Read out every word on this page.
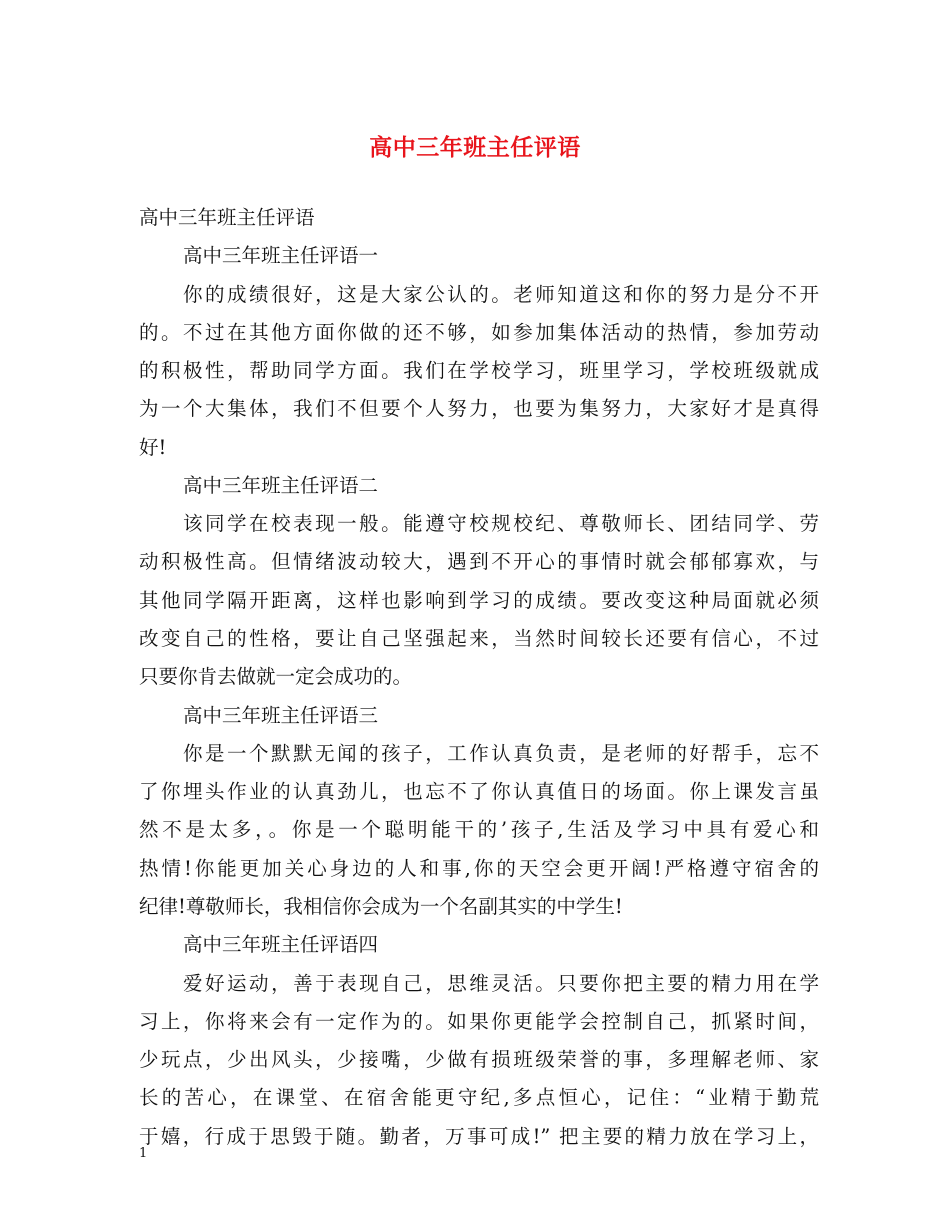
高中三年班主任评语

高中三年班主任评语

高中三年班主任评语一

你的成绩很好，这是大家公认的。老师知道这和你的努力是分不开

的。不过在其他方面你做的还不够，如参加集体活动的热情，参加劳动

的积极性，帮助同学方面。我们在学校学习，班里学习，学校班级就成

为一个大集体，我们不但要个人努力，也要为集努力，大家好才是真得

好!

高中三年班主任评语二

该同学在校表现一般。能遵守校规校纪、尊敬师长、团结同学、劳

动积极性高。但情绪波动较大，遇到不开心的事情时就会郁郁寡欢，与

其他同学隔开距离，这样也影响到学习的成绩。要改变这种局面就必须

改变自己的性格，要让自己坚强起来，当然时间较长还要有信心，不过

只要你肯去做就一定会成功的。

高中三年班主任评语三

你是一个默默无闻的孩子，工作认真负责，是老师的好帮手，忘不

了你埋头作业的认真劲儿，也忘不了你认真值日的场面。你上课发言虽

然不是太多，。你是一个聪明能干的’孩子,生活及学习中具有爱心和

热情!你能更加关心身边的人和事,你的天空会更开阔!严格遵守宿舍的

纪律!尊敬师长，我相信你会成为一个名副其实的中学生!

高中三年班主任评语四

爱好运动，善于表现自己，思维灵活。只要你把主要的精力用在学

习上，你将来会有一定作为的。如果你更能学会控制自己，抓紧时间，

少玩点，少出风头，少接嘴，少做有损班级荣誉的事，多理解老师、家

长的苦心，在课堂、在宿舍能更守纪,多点恒心，记住：“业精于勤荒

于嬉，行成于思毁于随。勤者，万事可成!” 把主要的精力放在学习上，

1
